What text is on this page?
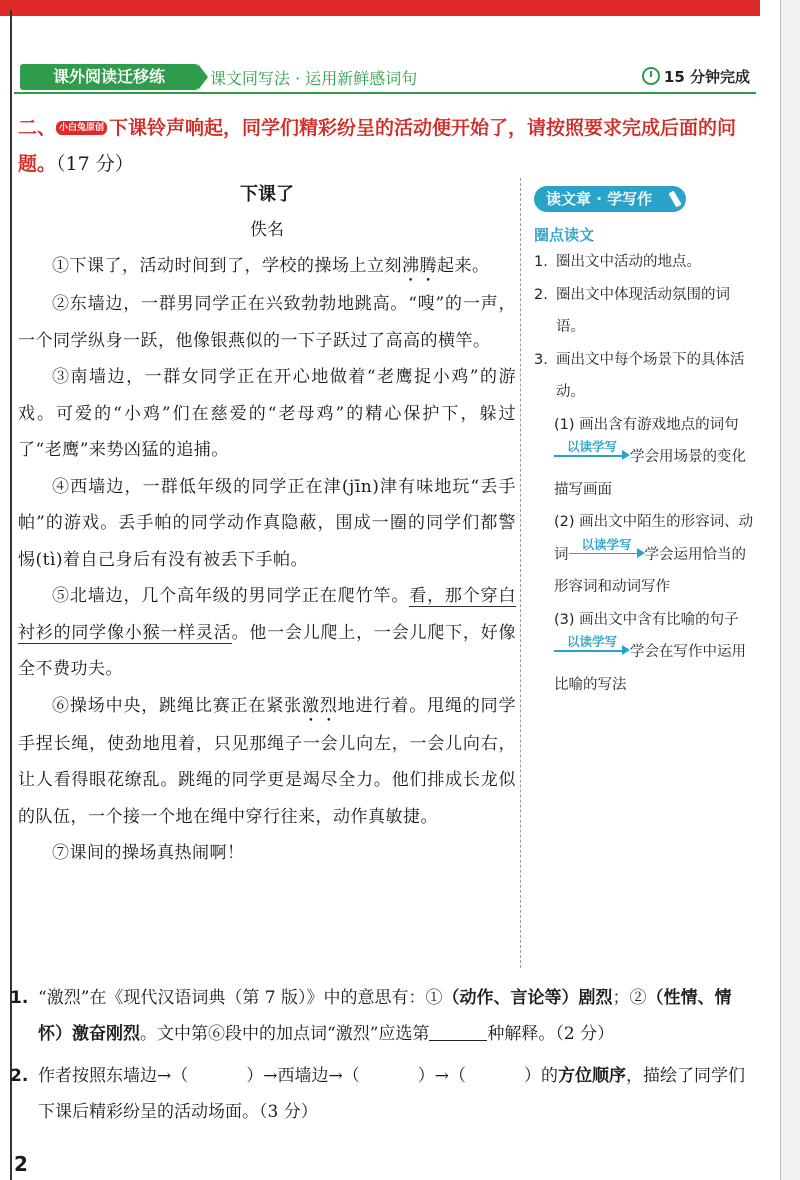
课外阅读迁移练	课文同写法 · 运用新鲜感词句	15 分钟完成
二、 小白兔原创 下课铃声响起，同学们精彩纷呈的活动便开始了，请按照要求完成后面的问题。（17 分）
下课了
佚名

①下课了，活动时间到了，学校的操场上立刻沸腾起来。

②东墙边，一群男同学正在兴致勃勃地跳高。“嗖”的一声，一个同学纵身一跃，他像银燕似的一下子跃过了高高的横竿。

③南墙边，一群女同学正在开心地做着“老鹰捉小鸡”的游戏。可爱的“小鸡”们在慈爱的“老母鸡”的精心保护下，躲过了“老鹰”来势凶猛的追捕。

④西墙边，一群低年级的同学正在津(jīn)津有味地玩“丢手帕”的游戏。丢手帕的同学动作真隐蔽，围成一圈的同学们都警惕(tì)着自己身后有没有被丢下手帕。

⑤北墙边，几个高年级的男同学正在爬竹竿。看，那个穿白衬衫的同学像小猴一样灵活。他一会儿爬上，一会儿爬下，好像全不费功夫。

⑥操场中央，跳绳比赛正在紧张激烈地进行着。甩绳的同学手捏长绳，使劲地甩着，只见那绳子一会儿向左，一会儿向右，让人看得眼花缭乱。跳绳的同学更是竭尽全力。他们排成长龙似的队伍，一个接一个地在绳中穿行往来，动作真敏捷。

⑦课间的操场真热闹啊！

读文章 · 学写作
圈点读文
1. 圈出文中活动的地点。
2. 圈出文中体现活动氛围的词语。
3. 画出文中每个场景下的具体活动。
(1) 画出含有游戏地点的词句
以读学写
学会用场景的变化描写画面
(2) 画出文中陌生的形容词、动词
以读学写
学会运用恰当的形容词和动词写作
(3) 画出文中含有比喻的句子
以读学写
学会在写作中运用比喻的写法
1. “激烈”在《现代汉语词典（第 7 版）》中的意思有：①（动作、言论等）剧烈；②（性情、情怀）激奋刚烈。文中第⑥段中的加点词“激烈”应选第	种解释。（2 分）
2. 作者按照东墙边→（	）→西墙边→（	）→（	）的方位顺序，描绘了同学们下课后精彩纷呈的活动场面。（3 分）
2
